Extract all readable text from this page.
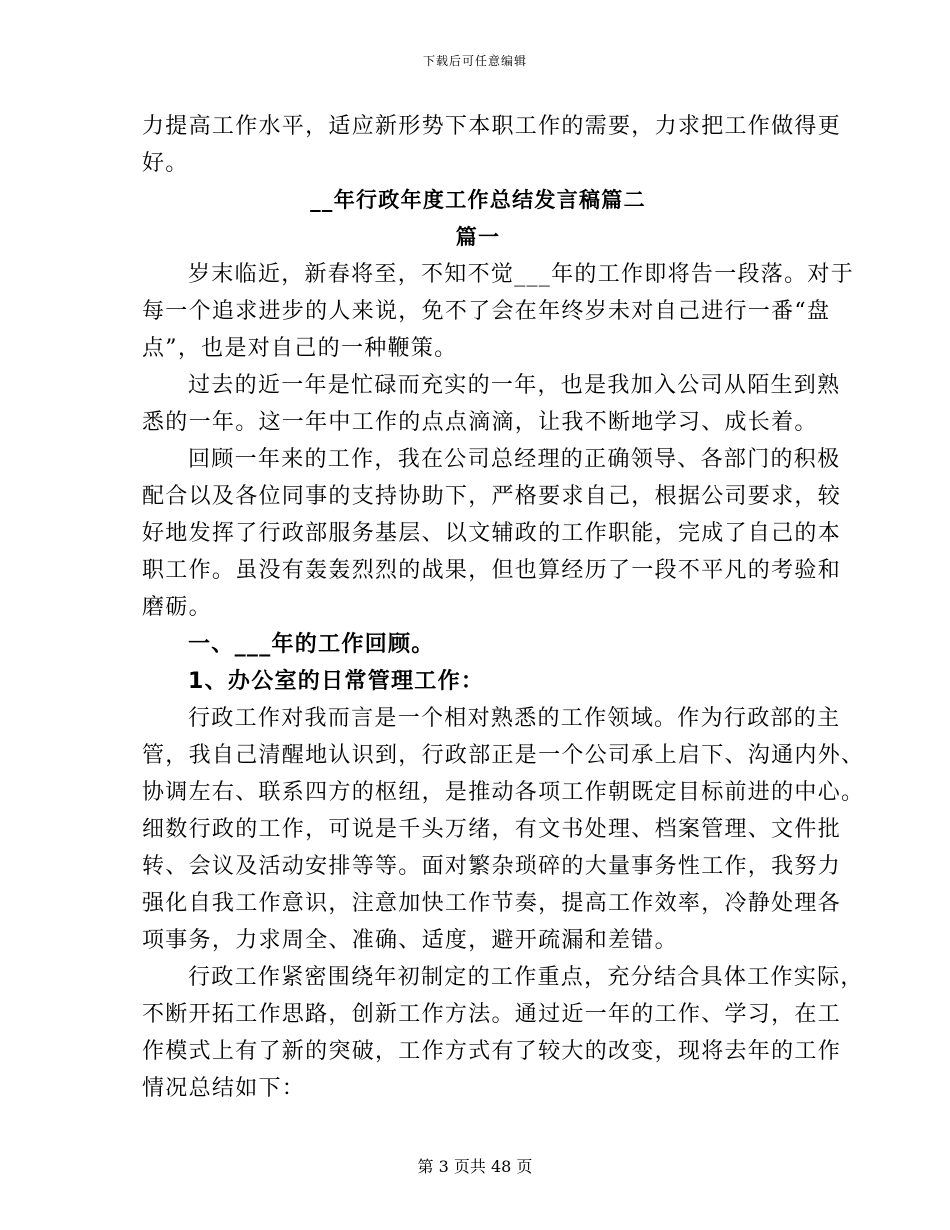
下载后可任意编辑
力提高工作水平，适应新形势下本职工作的需要，力求把工作做得更
好。
__年行政年度工作总结发言稿篇二
篇一
岁末临近，新春将至，不知不觉___年的工作即将告一段落。对于
每一个追求进步的人来说，免不了会在年终岁未对自己进行一番“盘
点”，也是对自己的一种鞭策。
过去的近一年是忙碌而充实的一年，也是我加入公司从陌生到熟
悉的一年。这一年中工作的点点滴滴，让我不断地学习、成长着。
回顾一年来的工作，我在公司总经理的正确领导、各部门的积极
配合以及各位同事的支持协助下，严格要求自己，根据公司要求，较
好地发挥了行政部服务基层、以文辅政的工作职能，完成了自己的本
职工作。虽没有轰轰烈烈的战果，但也算经历了一段不平凡的考验和
磨砺。
一、___年的工作回顾。
1、办公室的日常管理工作：
行政工作对我而言是一个相对熟悉的工作领域。作为行政部的主
管，我自己清醒地认识到，行政部正是一个公司承上启下、沟通内外、
协调左右、联系四方的枢纽，是推动各项工作朝既定目标前进的中心。
细数行政的工作，可说是千头万绪，有文书处理、档案管理、文件批
转、会议及活动安排等等。面对繁杂琐碎的大量事务性工作，我努力
强化自我工作意识，注意加快工作节奏，提高工作效率，冷静处理各
项事务，力求周全、准确、适度，避开疏漏和差错。
行政工作紧密围绕年初制定的工作重点，充分结合具体工作实际，
不断开拓工作思路，创新工作方法。通过近一年的工作、学习，在工
作模式上有了新的突破，工作方式有了较大的改变，现将去年的工作
情况总结如下：
第 3 页共 48 页
